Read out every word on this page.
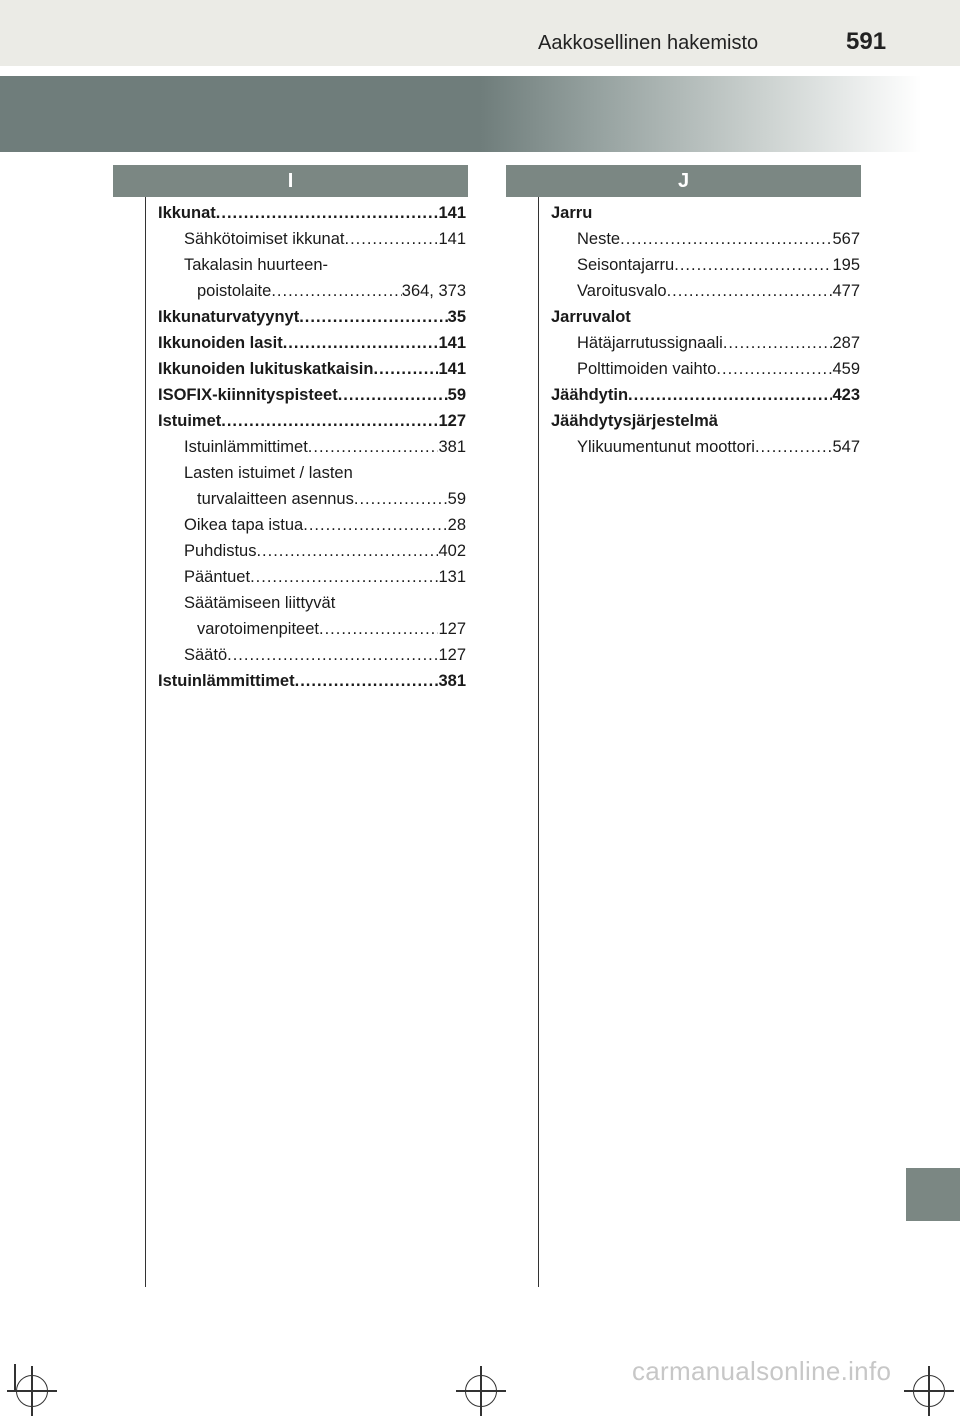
Aakkosellinen hakemisto	591
I	J
Ikkunat .....	141
Sähkötoimiset ikkunat .....	141
Takalasin huurteen-
poistolaite .....	364, 373
Ikkunaturvatyynyt .....	35
Ikkunoiden lasit .....	141
Ikkunoiden lukituskatkaisin .....	141
ISOFIX-kiinnityspisteet .....	59
Istuimet .....	127
Istuinlämmittimet .....	381
Lasten istuimet / lasten
turvalaitteen asennus .....	59
Oikea tapa istua .....	28
Puhdistus .....	402
Pääntuet .....	131
Säätämiseen liittyvät
varotoimenpiteet .....	127
Säätö .....	127
Istuinlämmittimet .....	381
Jarru
Neste .....	567
Seisontajarru .....	195
Varoitusvalo .....	477
Jarruvalot
Hätäjarrutussignaali .....	287
Polttimoiden vaihto .....	459
Jäähdytin .....	423
Jäähdytysjärjestelmä
Ylikuumentunut moottori .....	547
carmanualsonline.info
